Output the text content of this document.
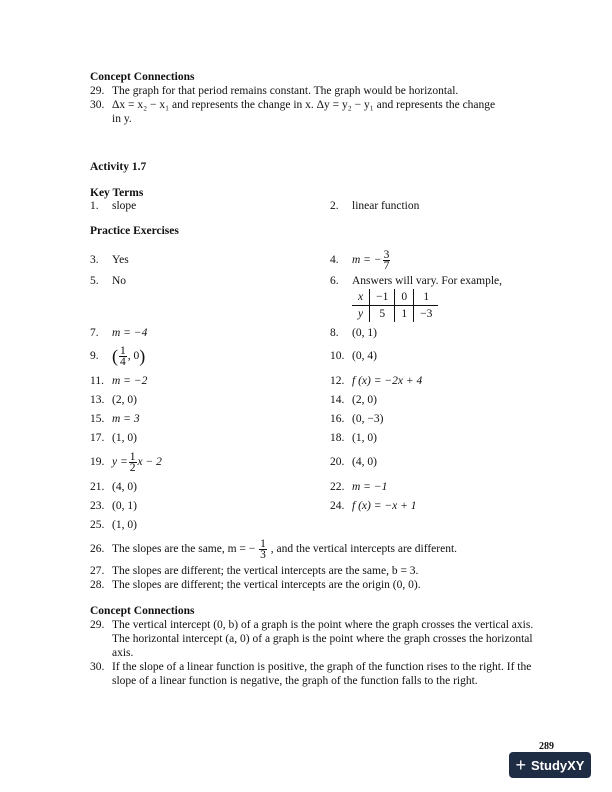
Concept Connections

29. The graph for that period remains constant. The graph would be horizontal.
30. Δx = x₂ − x₁ and represents the change in x. Δy = y₂ − y₁ and represents the change
in y.

Activity 1.7

Key Terms

1.	slope	2.	linear function

Practice Exercises

3.	Yes	4.	m = − $\frac{3}{7}$
5.	No	6.	Answers will vary. For example,
x	−1	0	1
y	5	1	−3
7.	m = −4	8.	(0, 1)
9. ( $\frac{1}{4}$ , 0 )	10. (0, 4)
11. m = −2	12. f (x) = −2x + 4
13. (2, 0)	14. (2, 0)
15. m = 3	16. (0, −3)
17. (1, 0)	18. (1, 0)
19. $y = \frac{1}{2}$ x − 2	20. (4, 0)
21. (4, 0)	22. m = −1
23. (0, 1)	24. f (x) = −x + 1
25. (1, 0)
26. The slopes are the same, m = − $\frac{1}{3}$ , and the vertical intercepts are different.
27. The slopes are different; the vertical intercepts are the same, b = 3.
28. The slopes are different; the vertical intercepts are the origin (0, 0).

Concept Connections

29. The vertical intercept (0, b) of a graph is the point where the graph crosses the vertical axis.
The horizontal intercept (a, 0) of a graph is the point where the graph crosses the horizontal
axis.
30. If the slope of a linear function is positive, the graph of the function rises to the right. If the
slope of a linear function is negative, the graph of the function falls to the right.
289
+ StudyXY
